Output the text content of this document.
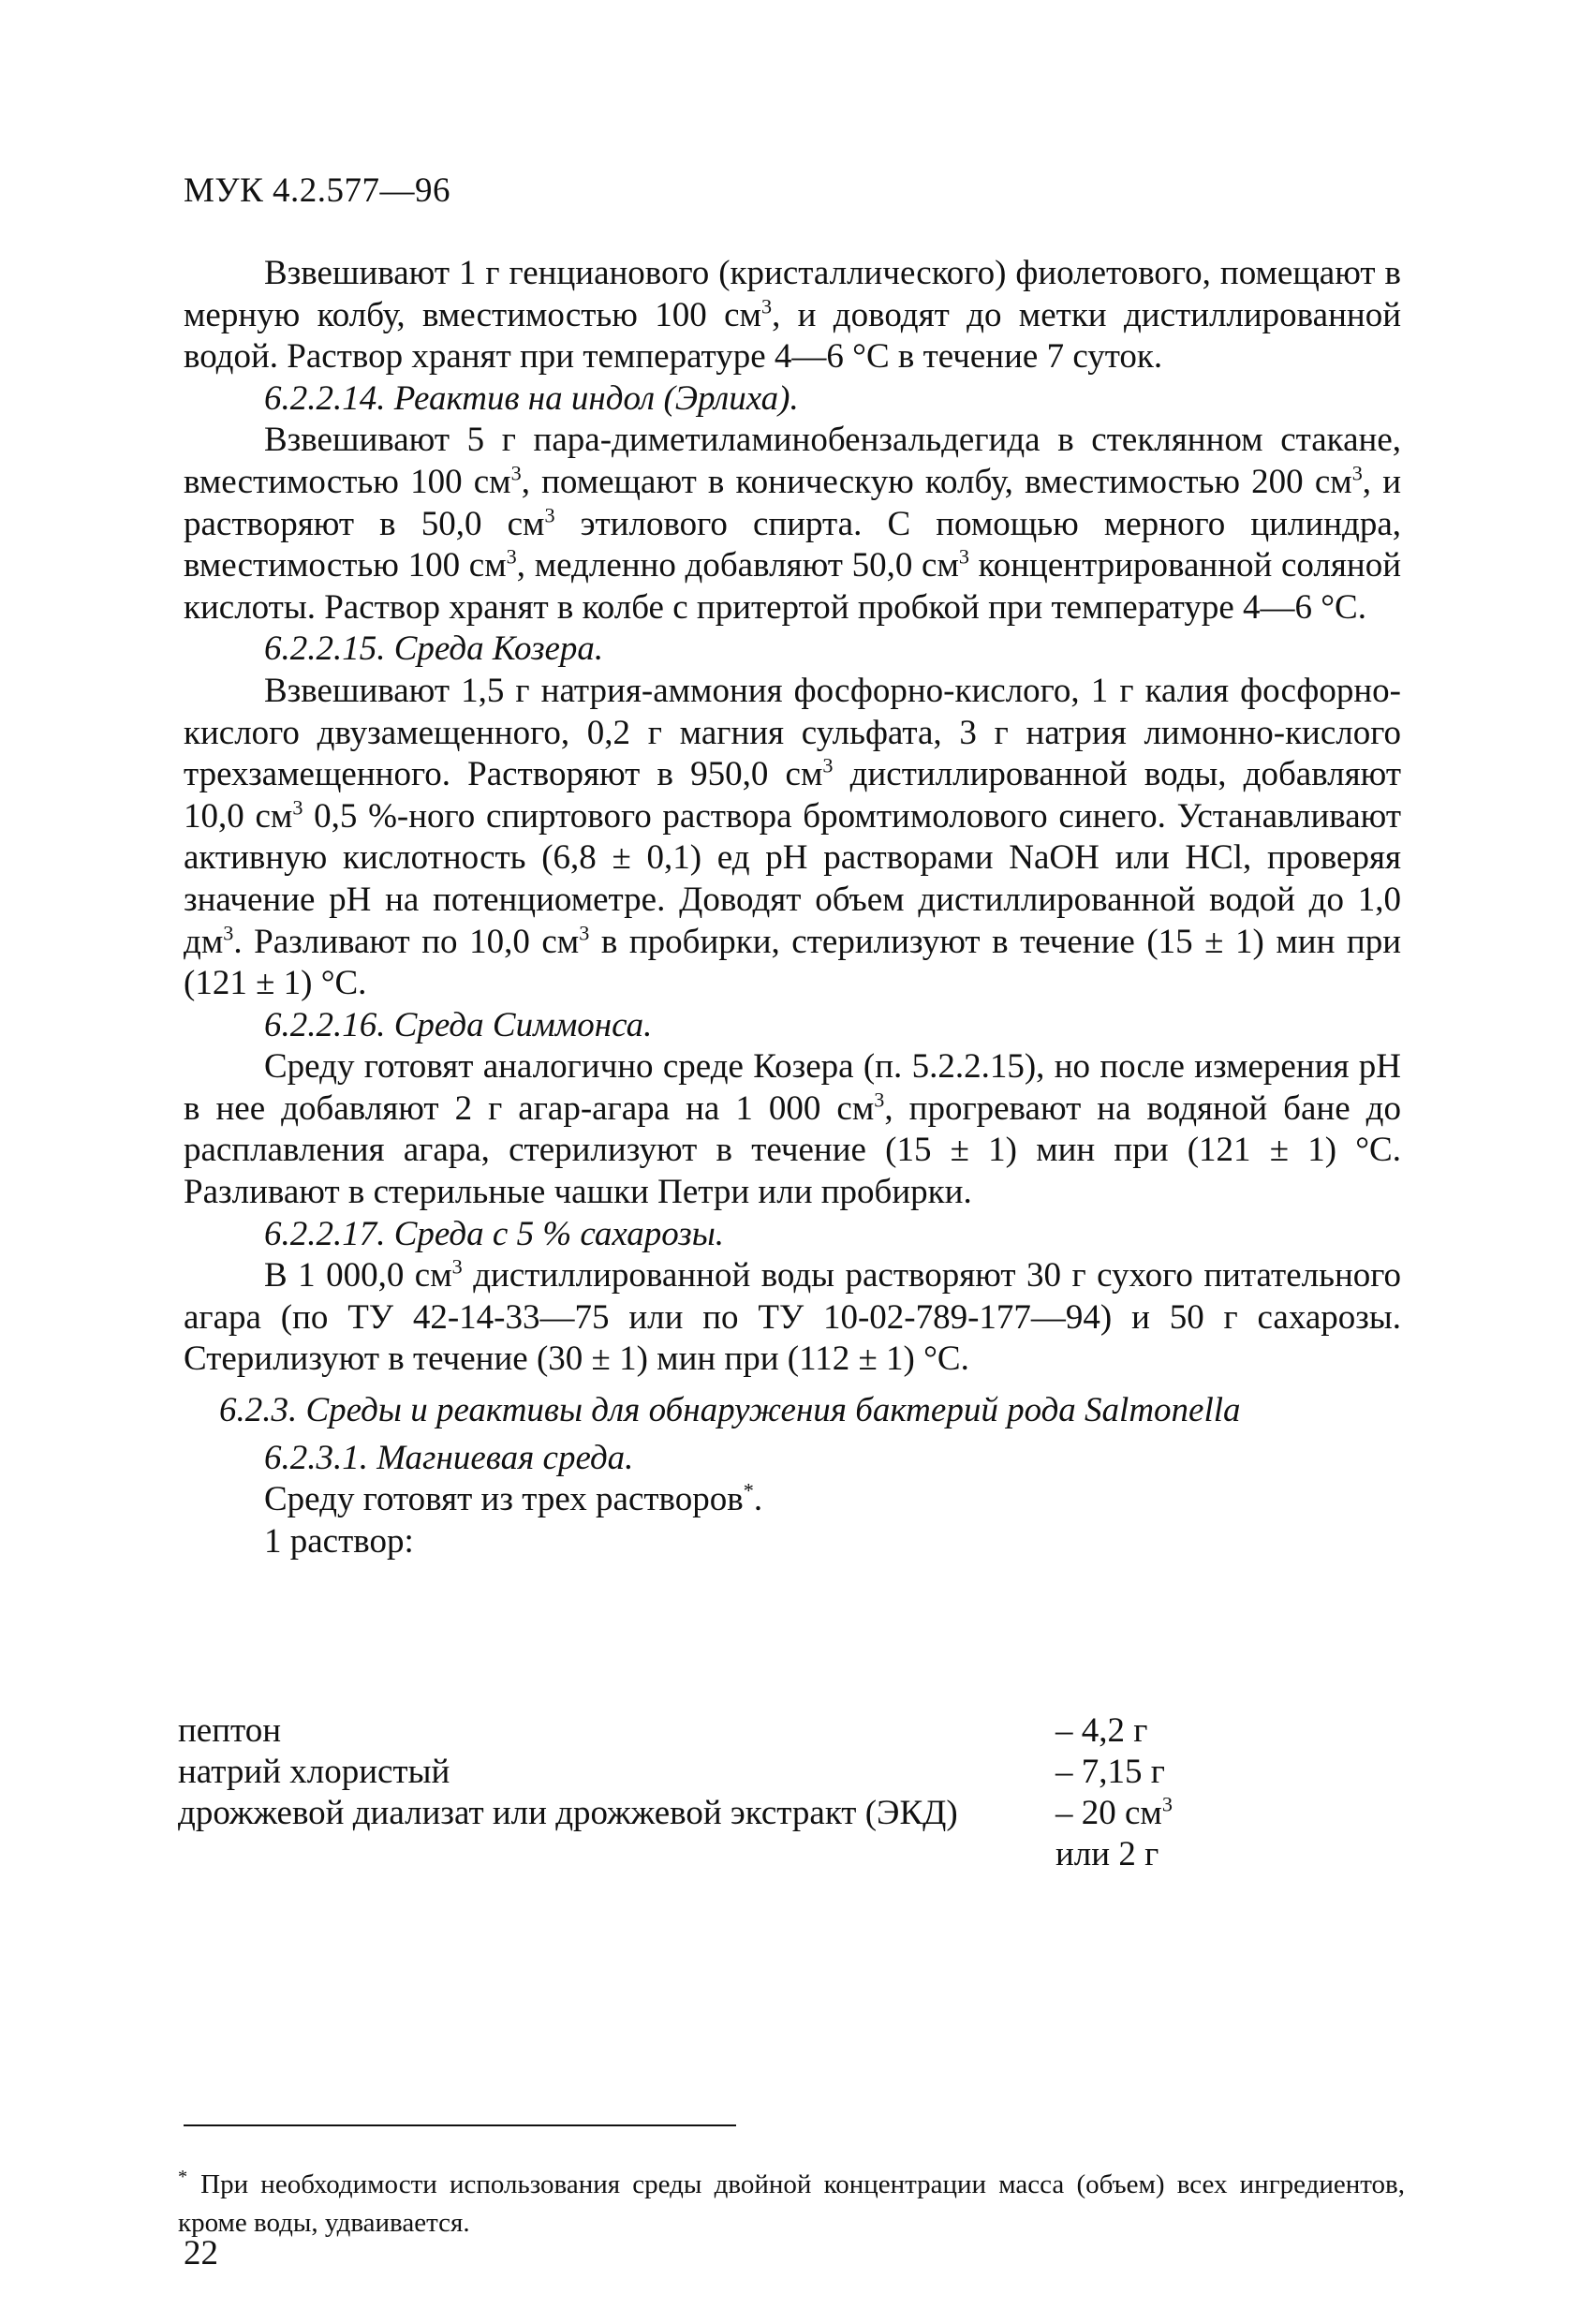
МУК 4.2.577—96

Взвешивают 1 г генцианового (кристаллического) фиолетового, помещают в мерную колбу, вместимостью 100 $см^3$, и доводят до метки дистиллированной водой. Раствор хранят при температуре 4—6 °С в течение 7 суток.

6.2.2.14. Реактив на индол (Эрлиха).

Взвешивают 5 г пара-диметиламинобензальдегида в стеклянном стакане, вместимостью 100 $см^3$, помещают в коническую колбу, вместимостью 200 $см^3$, и растворяют в 50,0 $см^3$ этилового спирта. С помощью мерного цилиндра, вместимостью 100 $см^3$, медленно добавляют 50,0 $см^3$ концентрированной соляной кислоты. Раствор хранят в колбе с притертой пробкой при температуре 4—6 °С.

6.2.2.15. Среда Козера.

Взвешивают 1,5 г натрия-аммония фосфорно-кислого, 1 г калия фосфорно-кислого двузамещенного, 0,2 г магния сульфата, 3 г натрия лимонно-кислого трехзамещенного. Растворяют в 950,0 $см^3$ дистиллированной воды, добавляют 10,0 $см^3$ 0,5 %-ного спиртового раствора бромтимолового синего. Устанавливают активную кислотность (6,8 ± 0,1) ед pH растворами NaOH или HCl, проверяя значение pH на потенциометре. Доводят объем дистиллированной водой до 1,0 $дм^3$. Разливают по 10,0 $см^3$ в пробирки, стерилизуют в течение (15 ± 1) мин при (121 ± 1) °С.

6.2.2.16. Среда Симмонса.

Среду готовят аналогично среде Козера (п. 5.2.2.15), но после измерения pH в нее добавляют 2 г агар-агара на 1 000 $см^3$, прогревают на водяной бане до расплавления агара, стерилизуют в течение (15 ± 1) мин при (121 ± 1) °С. Разливают в стерильные чашки Петри или пробирки.

6.2.2.17. Среда с 5 % сахарозы.

В 1 000,0 $см^3$ дистиллированной воды растворяют 30 г сухого питательного агара (по ТУ 42-14-33—75 или по ТУ 10-02-789-177—94) и 50 г сахарозы. Стерилизуют в течение (30 ± 1) мин при (112 ± 1) °С.

6.2.3. Среды и реактивы для обнаружения бактерий рода Salmonella

6.2.3.1. Магниевая среда.

Среду готовят из трех растворов*.

1 раствор:

пептон	– 4,2 г
натрий хлористый	– 7,15 г
дрожжевой диализат или дрожжевой экстракт (ЭКД)	– 20 $см^3$
или 2 г
* При необходимости использования среды двойной концентрации масса (объем) всех ингредиентов, кроме воды, удваивается.
22
